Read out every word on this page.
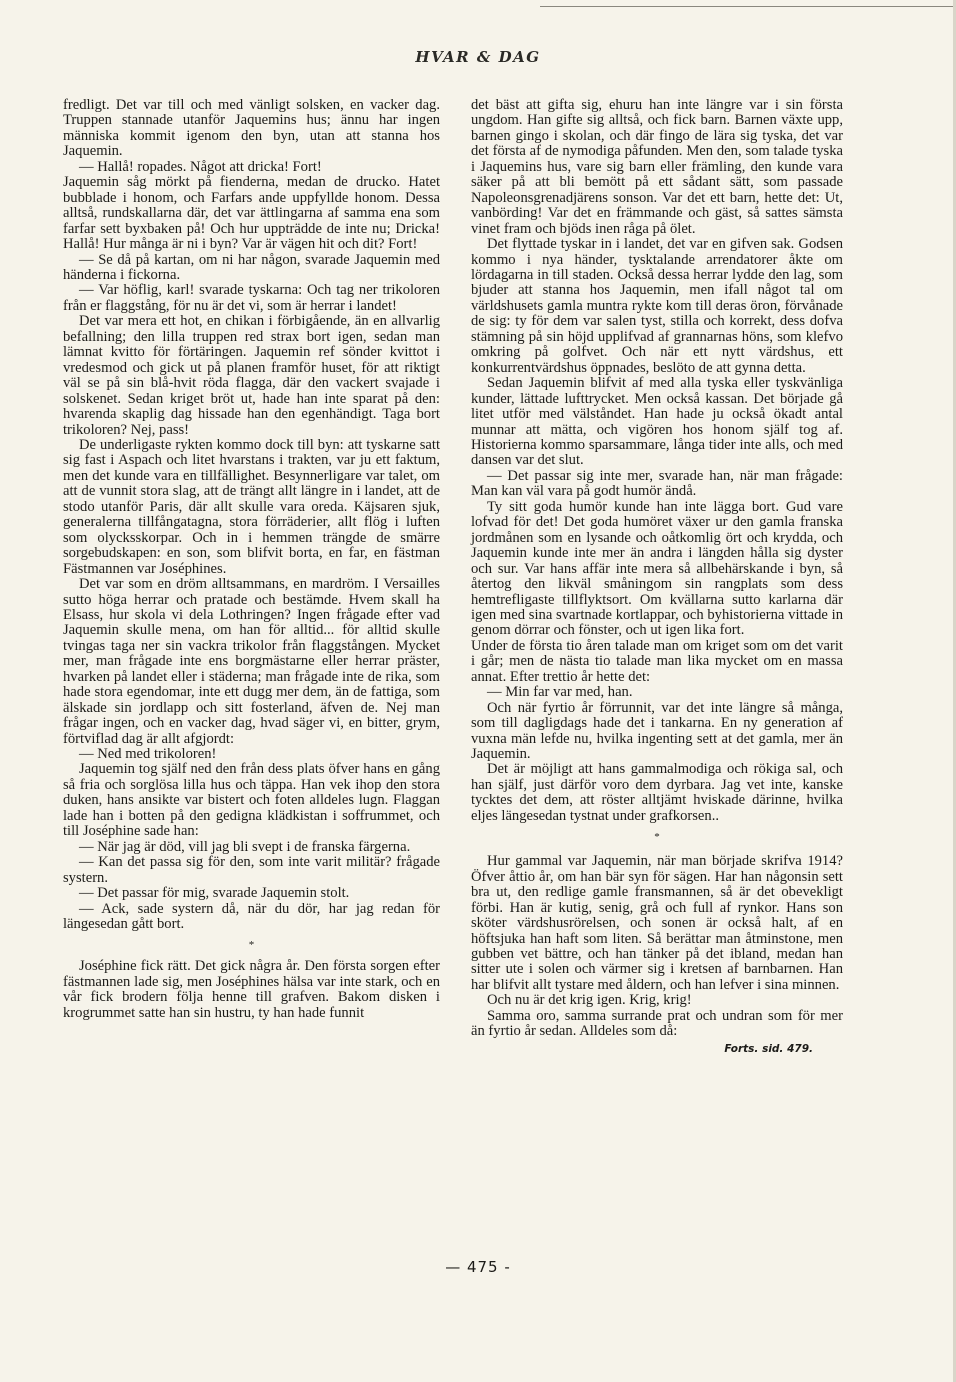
HVAR & DAG

fredligt. Det var till och med vänligt solsken, en vacker dag. Truppen stannade utanför Jaquemins hus; ännu har ingen människa kommit igenom den byn, utan att stanna hos Jaquemin.

— Hallå! ropades. Något att dricka! Fort!

Jaquemin såg mörkt på fienderna, medan de drucko. Hatet bubblade i honom, och Farfars ande uppfyllde honom. Dessa alltså, rundskallarna där, det var ättlingarna af samma ena som farfar sett byxbaken på! Och hur uppträdde de inte nu; Dricka! Hallå! Hur många är ni i byn? Var är vägen hit och dit? Fort!

— Se då på kartan, om ni har någon, svarade Jaquemin med händerna i fickorna.

— Var höflig, karl! svarade tyskarna: Och tag ner trikoloren från er flaggstång, för nu är det vi, som är herrar i landet!

Det var mera ett hot, en chikan i förbigående, än en allvarlig befallning; den lilla truppen red strax bort igen, sedan man lämnat kvitto för förtäringen. Jaquemin ref sönder kvittot i vredesmod och gick ut på planen framför huset, för att riktigt väl se på sin blå-hvit röda flagga, där den vackert svajade i solskenet. Sedan kriget bröt ut, hade han inte sparat på den: hvarenda skaplig dag hissade han den egenhändigt. Taga bort trikoloren? Nej, pass!

De underligaste rykten kommo dock till byn: att tyskarne satt sig fast i Aspach och litet hvarstans i trakten, var ju ett faktum, men det kunde vara en tillfällighet. Besynnerligare var talet, om att de vunnit stora slag, att de trängt allt längre in i landet, att de stodo utanför Paris, där allt skulle vara oreda. Käjsaren sjuk, generalerna tillfångatagna, stora förräderier, allt flög i luften som olycksskorpar. Och in i hemmen trängde de smärre sorgebudskapen: en son, som blifvit borta, en far, en fästman Fästmannen var Joséphines.

Det var som en dröm alltsammans, en mardröm. I Versailles sutto höga herrar och pratade och bestämde. Hvem skall ha Elsass, hur skola vi dela Lothringen? Ingen frågade efter vad Jaquemin skulle mena, om han för alltid... för alltid skulle tvingas taga ner sin vackra trikolor från flaggstången. Mycket mer, man frågade inte ens borgmästarne eller herrar präster, hvarken på landet eller i städerna; man frågade inte de rika, som hade stora egendomar, inte ett dugg mer dem, än de fattiga, som älskade sin jordlapp och sitt fosterland, äfven de. Nej man frågar ingen, och en vacker dag, hvad säger vi, en bitter, grym, förtviflad dag är allt afgjordt:

— Ned med trikoloren!

Jaquemin tog själf ned den från dess plats öfver hans en gång så fria och sorglösa lilla hus och täppa. Han vek ihop den stora duken, hans ansikte var bistert och foten alldeles lugn. Flaggan lade han i botten på den gedigna klädkistan i soffrummet, och till Joséphine sade han:

— När jag är död, vill jag bli svept i de franska färgerna.

— Kan det passa sig för den, som inte varit militär? frågade systern.

— Det passar för mig, svarade Jaquemin stolt.

— Ack, sade systern då, när du dör, har jag redan för längesedan gått bort.

*

Joséphine fick rätt. Det gick några år. Den första sorgen efter fästmannen lade sig, men Joséphines hälsa var inte stark, och en vår fick brodern följa henne till grafven. Bakom disken i krogrummet satte han sin hustru, ty han hade funnit

det bäst att gifta sig, ehuru han inte längre var i sin första ungdom. Han gifte sig alltså, och fick barn. Barnen växte upp, barnen gingo i skolan, och där fingo de lära sig tyska, det var det första af de nymodiga påfunden. Men den, som talade tyska i Jaquemins hus, vare sig barn eller främling, den kunde vara säker på att bli bemött på ett sådant sätt, som passade Napoleonsgrenadjärens sonson. Var det ett barn, hette det: Ut, vanbörding! Var det en främmande och gäst, så sattes sämsta vinet fram och bjöds inen råga på ölet.

Det flyttade tyskar in i landet, det var en gifven sak. Godsen kommo i nya händer, tysktalande arrendatorer åkte om lördagarna in till staden. Också dessa herrar lydde den lag, som bjuder att stanna hos Jaquemin, men ifall något tal om världshusets gamla muntra rykte kom till deras öron, förvånade de sig: ty för dem var salen tyst, stilla och korrekt, dess dofva stämning på sin höjd upplifvad af grannarnas höns, som klefvo omkring på golfvet. Och när ett nytt värdshus, ett konkurrentvärdshus öppnades, beslöto de att gynna detta.

Sedan Jaquemin blifvit af med alla tyska eller tyskvänliga kunder, lättade lufttrycket. Men också kassan. Det började gå litet utför med välståndet. Han hade ju också ökadt antal munnar att mätta, och vigören hos honom själf tog af. Historierna kommo sparsammare, långa tider inte alls, och med dansen var det slut.

— Det passar sig inte mer, svarade han, när man frågade: Man kan väl vara på godt humör ändå.

Ty sitt goda humör kunde han inte lägga bort. Gud vare lofvad för det! Det goda humöret växer ur den gamla franska jordmånen som en lysande och oåtkomlig ört och krydda, och Jaquemin kunde inte mer än andra i längden hålla sig dyster och sur. Var hans affär inte mera så allbehärskande i byn, så återtog den likväl småningom sin rangplats som dess hemtrefligaste tillflyktsort. Om kvällarna sutto karlarna där igen med sina svartnade kortlappar, och byhistorierna vittade in genom dörrar och fönster, och ut igen lika fort.

Under de första tio åren talade man om kriget som om det varit i går; men de nästa tio talade man lika mycket om en massa annat. Efter trettio år hette det:

— Min far var med, han.

Och när fyrtio år förrunnit, var det inte längre så många, som till dagligdags hade det i tankarna. En ny generation af vuxna män lefde nu, hvilka ingenting sett at det gamla, mer än Jaquemin.

Det är möjligt att hans gammalmodiga och rökiga sal, och han själf, just därför voro dem dyrbara. Jag vet inte, kanske tycktes det dem, att röster alltjämt hviskade därinne, hvilka eljes längesedan tystnat under grafkorsen..

*

Hur gammal var Jaquemin, när man började skrifva 1914? Öfver åttio år, om han bär syn för sägen. Har han någonsin sett bra ut, den redlige gamle fransmannen, så är det obevekligt förbi. Han är kutig, senig, grå och full af rynkor. Hans son sköter värdshusrörelsen, och sonen är också halt, af en höftsjuka han haft som liten. Så berättar man åtminstone, men gubben vet bättre, och han tänker på det ibland, medan han sitter ute i solen och värmer sig i kretsen af barnbarnen. Han har blifvit allt tystare med åldern, och han lefver i sina minnen.

Och nu är det krig igen. Krig, krig!

Samma oro, samma surrande prat och undran som för mer än fyrtio år sedan. Alldeles som då:

Forts. sid. 479.
— 475 -
